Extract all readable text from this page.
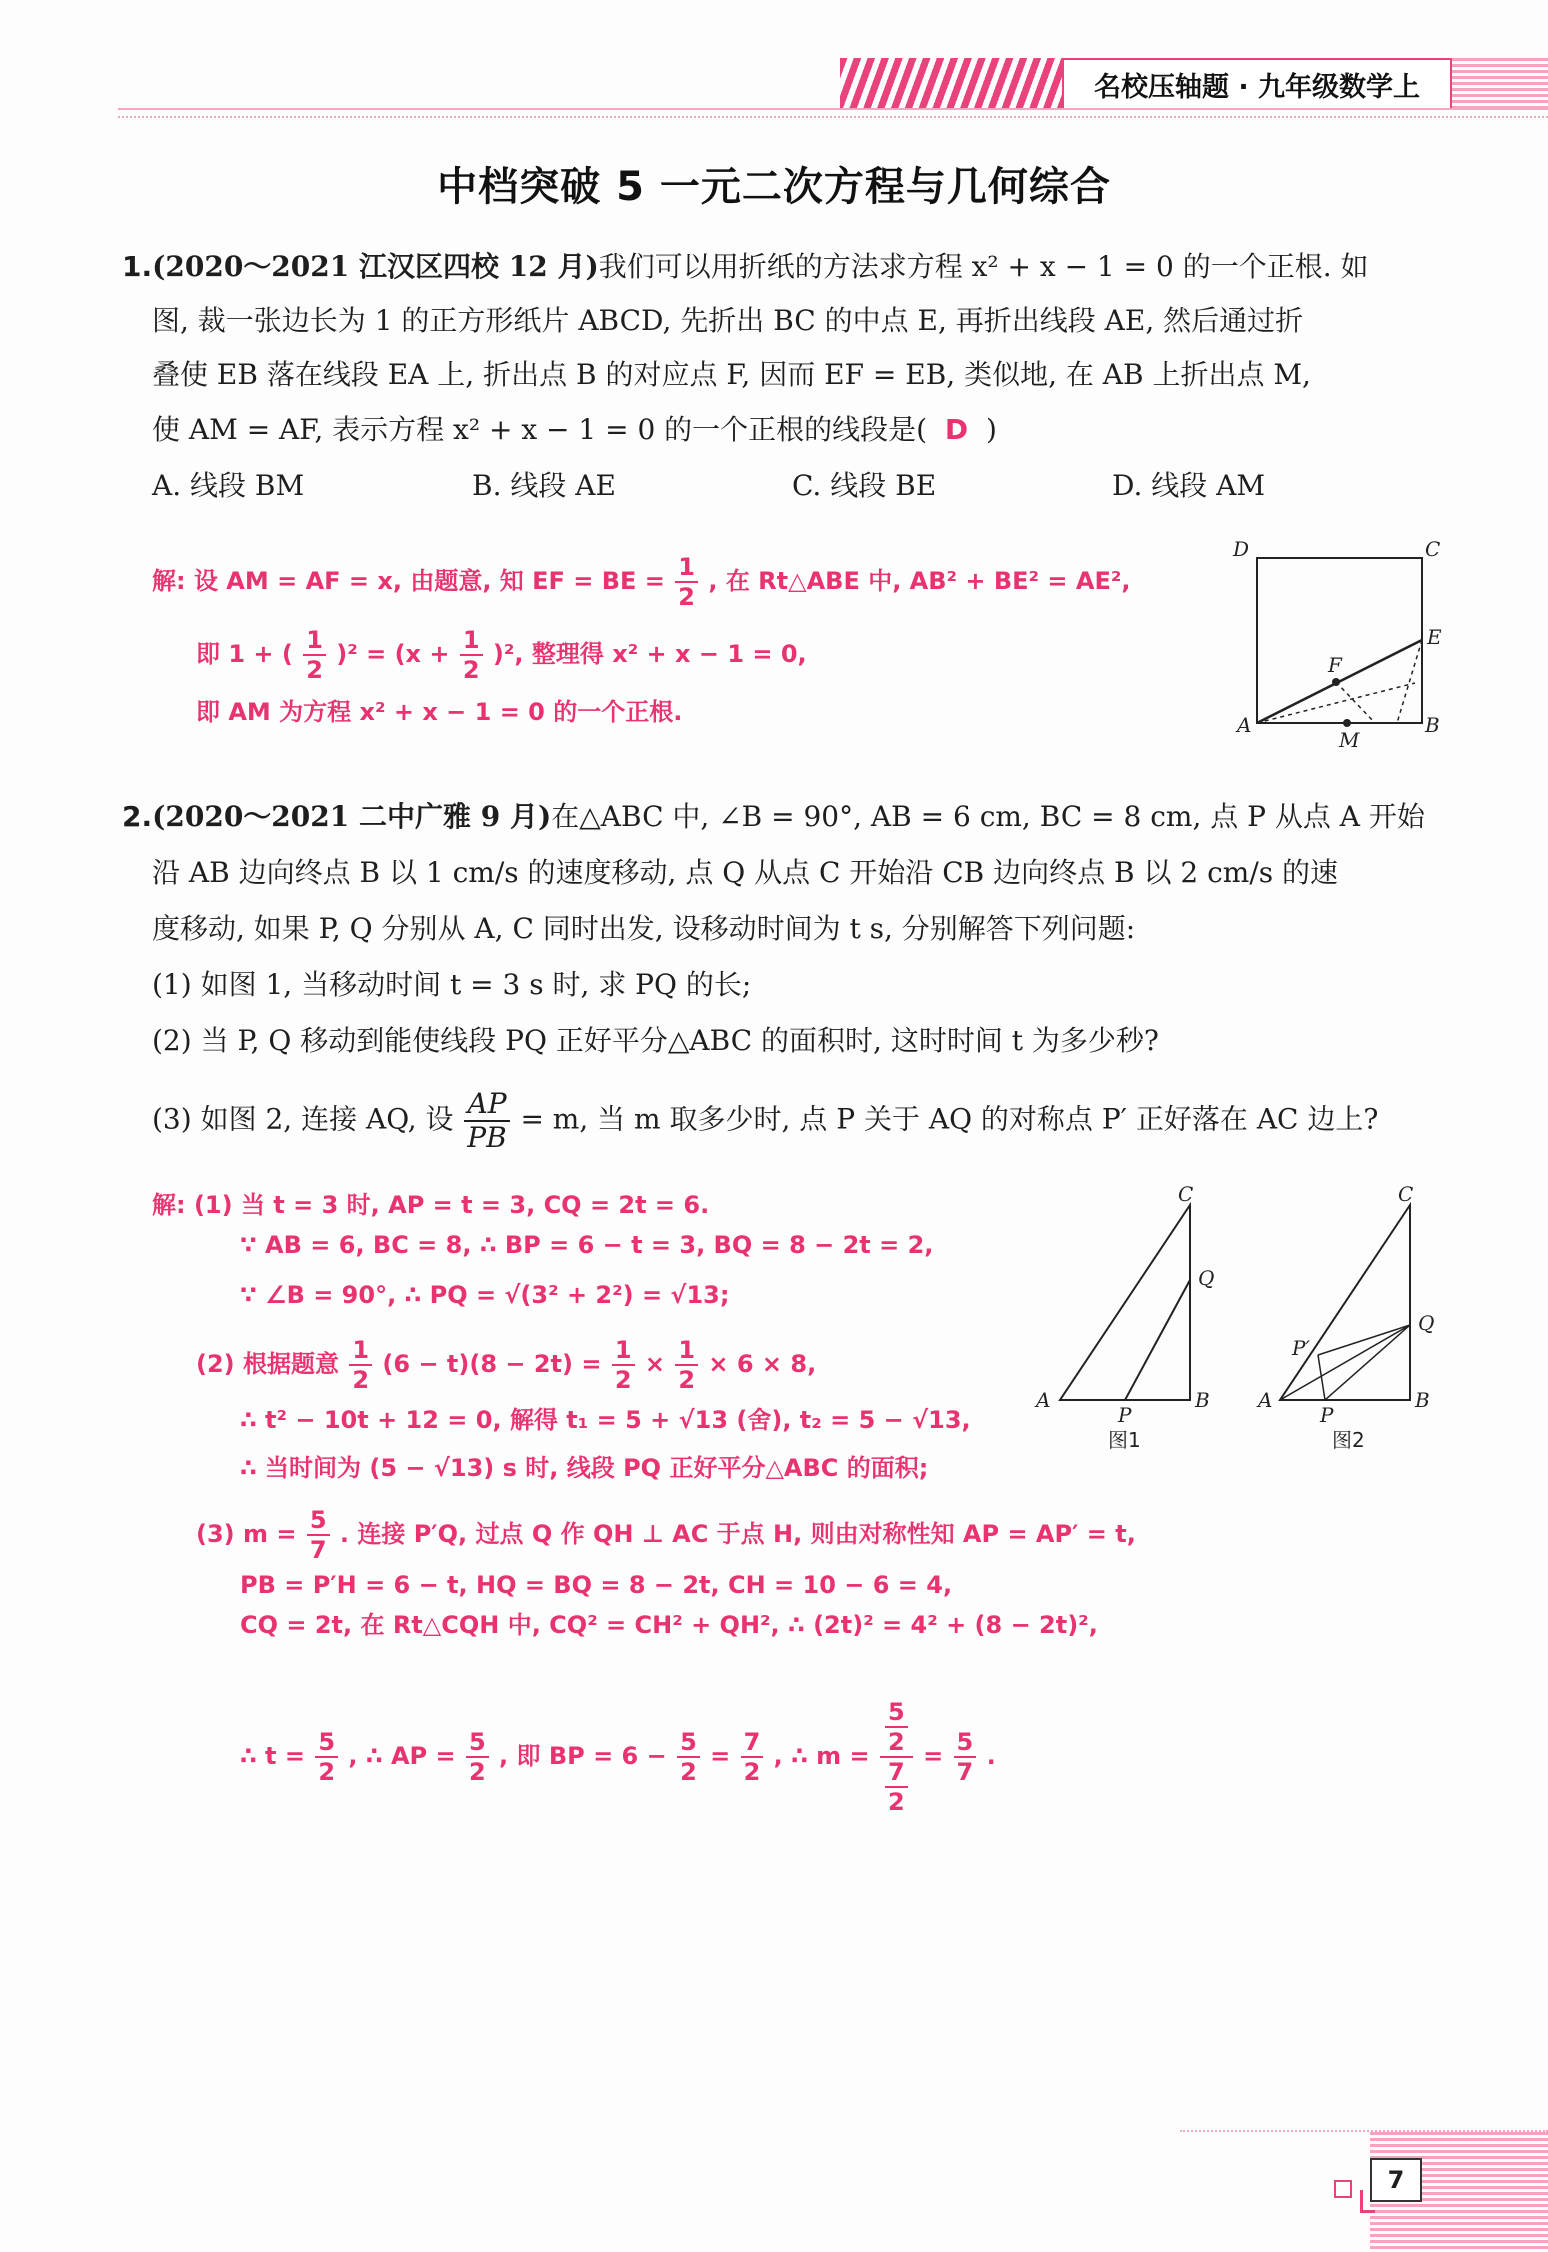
名校压轴题 · 九年级数学上
中档突破 5 一元二次方程与几何综合
1.(2020～2021 江汉区四校 12 月)我们可以用折纸的方法求方程 x² + x − 1 = 0 的一个正根. 如
图, 裁一张边长为 1 的正方形纸片 ABCD, 先折出 BC 的中点 E, 再折出线段 AE, 然后通过折
叠使 EB 落在线段 EA 上, 折出点 B 的对应点 F, 因而 EF = EB, 类似地, 在 AB 上折出点 M,
使 AM = AF, 表示方程 x² + x − 1 = 0 的一个正根的线段是( D )
A. 线段 BM	B. 线段 AE	C. 线段 BE	D. 线段 AM
解: 设 AM = AF = x, 由题意, 知 EF = BE = $\frac{1}{2}$ , 在 Rt△ABE 中, AB² + BE² = AE²,
即 1 + ( $\frac{1}{2} )^2 = (x + \frac{1}{2} )^2$, 整理得 x² + x − 1 = 0,
即 AM 为方程 x² + x − 1 = 0 的一个正根.
D	C
E
F
A
M
B
2.(2020～2021 二中广雅 9 月)在△ABC 中, ∠B = 90°, AB = 6 cm, BC = 8 cm, 点 P 从点 A 开始
沿 AB 边向终点 B 以 1 cm/s 的速度移动, 点 Q 从点 C 开始沿 CB 边向终点 B 以 2 cm/s 的速
度移动, 如果 P, Q 分别从 A, C 同时出发, 设移动时间为 t s, 分别解答下列问题:
(1) 如图 1, 当移动时间 t = 3 s 时, 求 PQ 的长;
(2) 当 P, Q 移动到能使线段 PQ 正好平分△ABC 的面积时, 这时时间 t 为多少秒?
(3) 如图 2, 连接 AQ, 设 $\frac{AP}{PB} = m$, 当 m 取多少时, 点 P 关于 AQ 的对称点 P′ 正好落在 AC 边上?
解: (1) 当 t = 3 时, AP = t = 3, CQ = 2t = 6.
∵ AB = 6, BC = 8, ∴ BP = 6 − t = 3, BQ = 8 − 2t = 2,
∵ ∠B = 90°, ∴ PQ = √(3² + 2²) = √13;
(2) 根据题意 $\frac{1}{2} (6 - t)(8 - 2t) = \frac{1}{2} \times \frac{1}{2} \times 6 \times 8$,
∴ t² − 10t + 12 = 0, 解得 t₁ = 5 + √13 (舍), t₂ = 5 − √13,
∴ 当时间为 (5 − √13) s 时, 线段 PQ 正好平分△ABC 的面积;
(3) $m = \frac{5}{7}$ . 连接 P′Q, 过点 Q 作 QH ⊥ AC 于点 H, 则由对称性知 AP = AP′ = t,
PB = P′H = 6 − t, HQ = BQ = 8 − 2t, CH = 10 − 6 = 4,
CQ = 2t, 在 Rt△CQH 中, CQ² = CH² + QH², ∴ (2t)² = 4² + (8 − 2t)²,
∴ $t = \frac{5}{2}$ , ∴ AP = $\frac{5}{2}$ , 即 BP = $6 - \frac{5}{2} = \frac{7}{2}$ , ∴ $m = \frac{\frac{5}{2}}{\frac{7}{2}} = \frac{5}{7}$ .
C
Q
A
P
B
图1
C
Q
P′
A
P
B
图2
7
